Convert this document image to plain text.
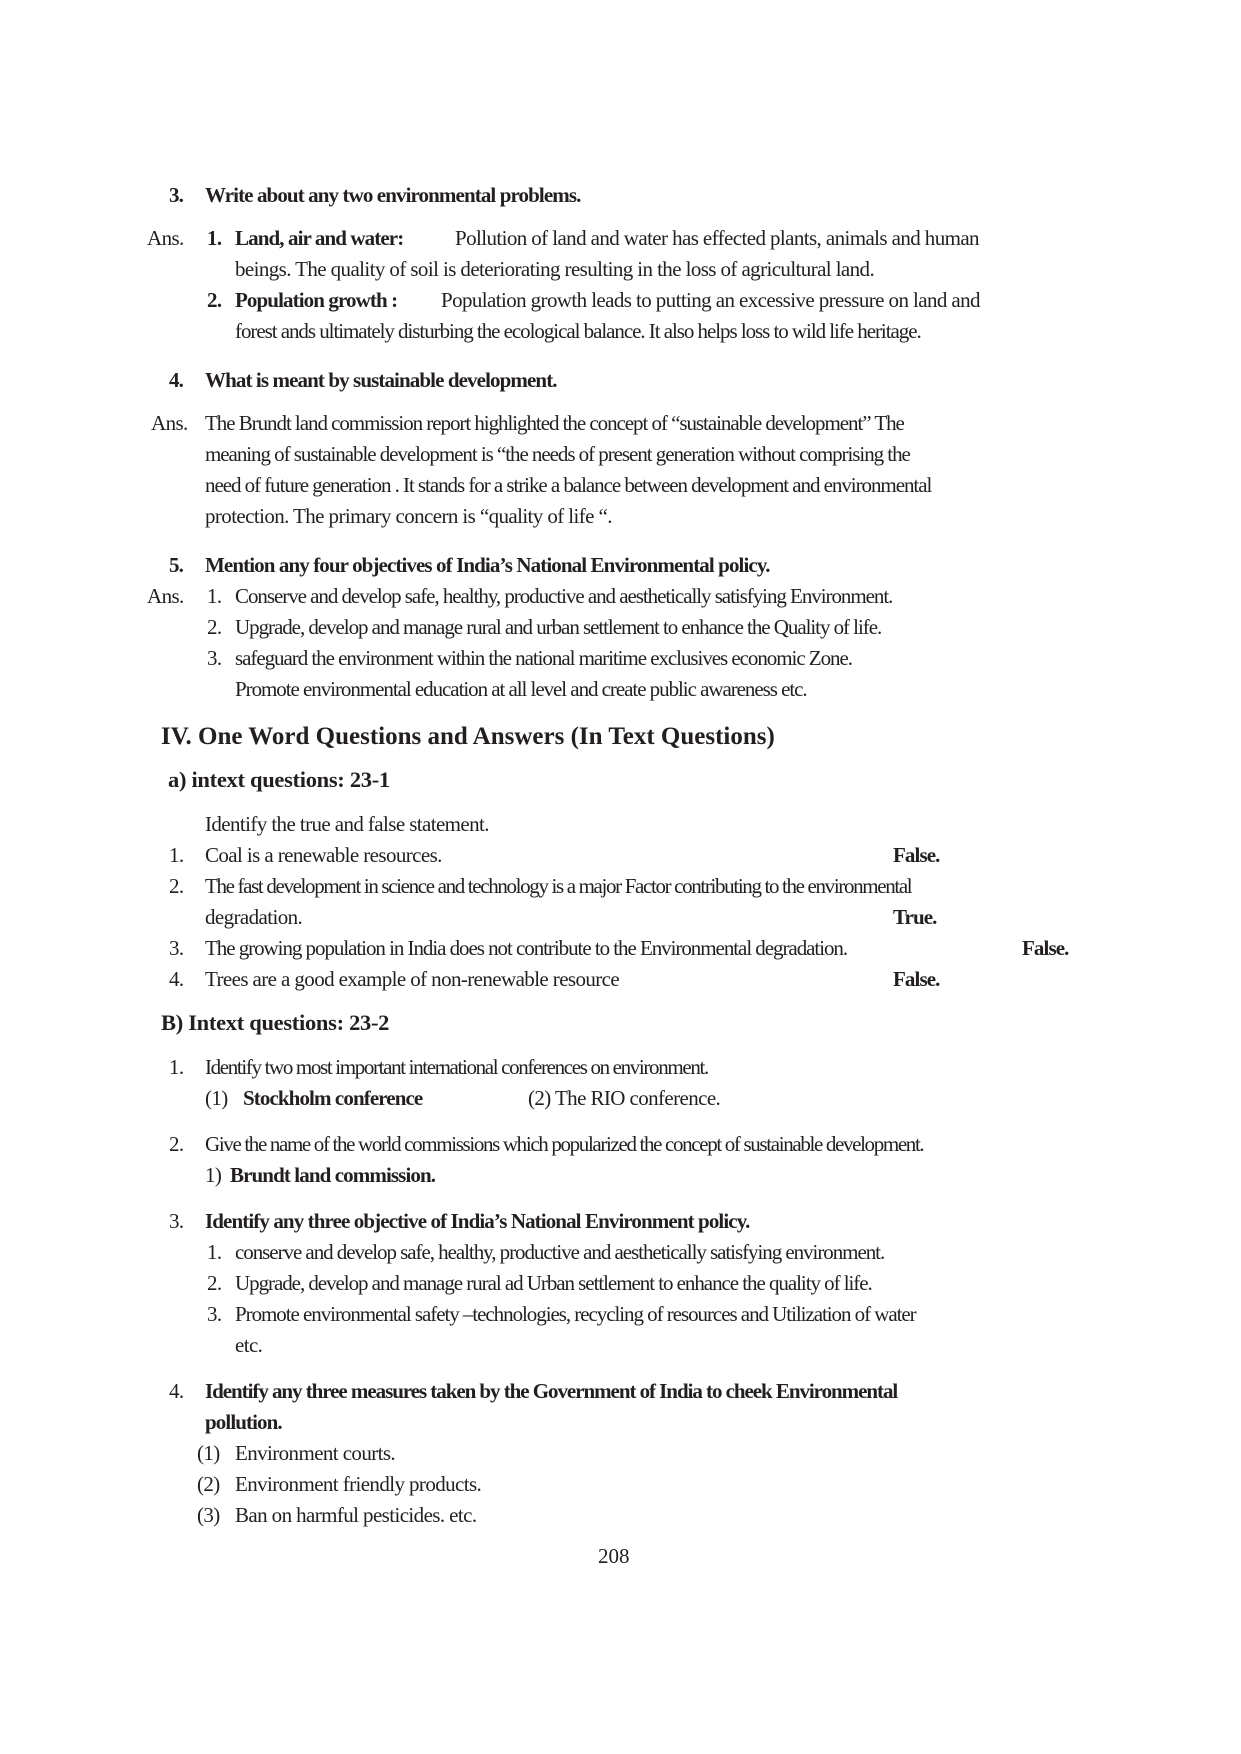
3. Write about any two environmental problems.
Ans. 1. Land, air and water: Pollution of land and water has effected plants, animals and human
beings. The quality of soil is deteriorating resulting in the loss of agricultural land.
2. Population growth : Population growth leads to putting an excessive pressure on land and
forest ands ultimately disturbing the ecological balance. It also helps loss to wild life heritage.
4. What is meant by sustainable development.
Ans. The Brundt land commission report highlighted the concept of “sustainable development” The
meaning of sustainable development is “the needs of present generation without comprising the
need of future generation . It stands for a strike a balance between development and environmental
protection. The primary concern is “quality of life “.
5. Mention any four objectives of India’s National Environmental policy.
Ans. 1. Conserve and develop safe, healthy, productive and aesthetically satisfying Environment.
2. Upgrade, develop and manage rural and urban settlement to enhance the Quality of life.
3. safeguard the environment within the national maritime exclusives economic Zone.
Promote environmental education at all level and create public awareness etc.
IV. One Word Questions and Answers (In Text Questions)
a) intext questions: 23-1
Identify the true and false statement.
1. Coal is a renewable resources.	False.
2. The fast development in science and technology is a major Factor contributing to the environmental
degradation.	True.
3. The growing population in India does not contribute to the Environmental degradation.	False.
4. Trees are a good example of non-renewable resource	False.
B) Intext questions: 23-2
1. Identify two most important international conferences on environment.
(1) Stockholm conference	(2) The RIO conference.
2. Give the name of the world commissions which popularized the concept of sustainable development.
1) Brundt land commission.
3. Identify any three objective of India’s National Environment policy.
1. conserve and develop safe, healthy, productive and aesthetically satisfying environment.
2. Upgrade, develop and manage rural ad Urban settlement to enhance the quality of life.
3. Promote environmental safety –technologies, recycling of resources and Utilization of water
etc.
4. Identify any three measures taken by the Government of India to cheek Environmental
pollution.
(1) Environment courts.
(2) Environment friendly products.
(3) Ban on harmful pesticides. etc.
208
